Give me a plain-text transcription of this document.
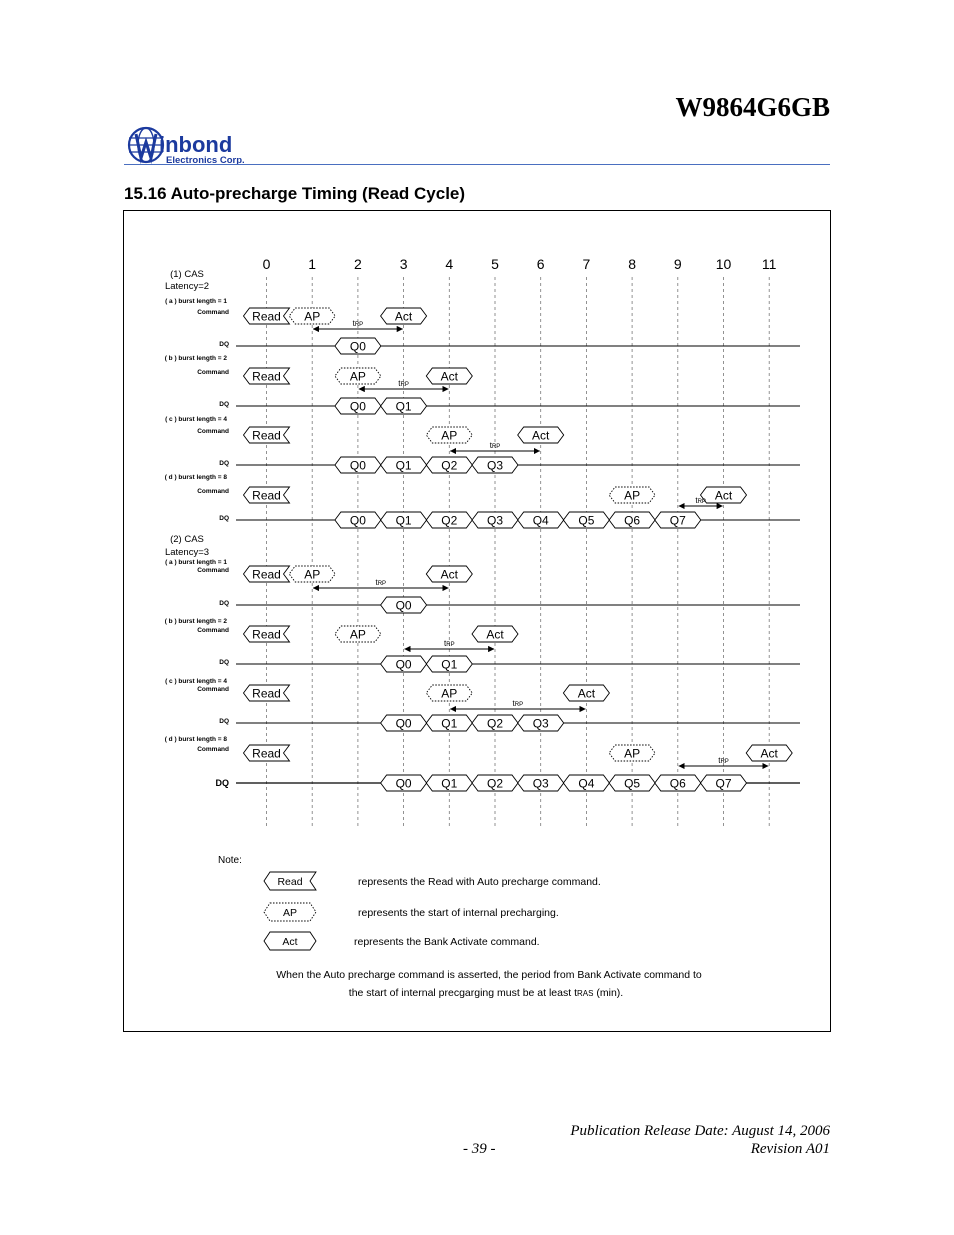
W9864G6GB
inbond
Electronics Corp.
15.16 Auto-precharge Timing (Read Cycle)
0	1	2	3	4	5	6	7	8	9 10 11
(1) CAS
Latency=2
(2) CAS
Latency=3
( a ) burst length = 1
Command
DQ
Read AP	Act
Q0
tRP
( b ) burst length = 2
Command
DQ
Read	AP	Act
Q0 Q1
tRP
( c ) burst length = 4
Command
DQ
Read	AP	Act
Q0 Q1 Q2 Q3
tRP
( d ) burst length = 8
Command
DQ
Read	AP	Act
Q0 Q1 Q2 Q3 Q4 Q5 Q6 Q7
tRP
( a ) burst length = 1
Command
DQ
Read AP	Act
Q0
tRP
( b ) burst length = 2
Command
DQ
Read	AP	Act
Q0 Q1
tRP
( c ) burst length = 4
Command
DQ
Read	AP	Act
Q0 Q1 Q2 Q3
tRP
( d ) burst length = 8
Command
DQ
Read	AP	Act
Q0 Q1 Q2 Q3 Q4 Q5 Q6 Q7
tRP
Note:
Read	represents the Read with Auto precharge command.
AP	represents the start of internal precharging.
Act	represents the Bank Activate command.
When the Auto precharge command is asserted, the period from Bank Activate command to
the start of internal precgarging must be at least tRAS (min).
Publication Release Date: August 14, 2006
- 39 -	Revision A01
